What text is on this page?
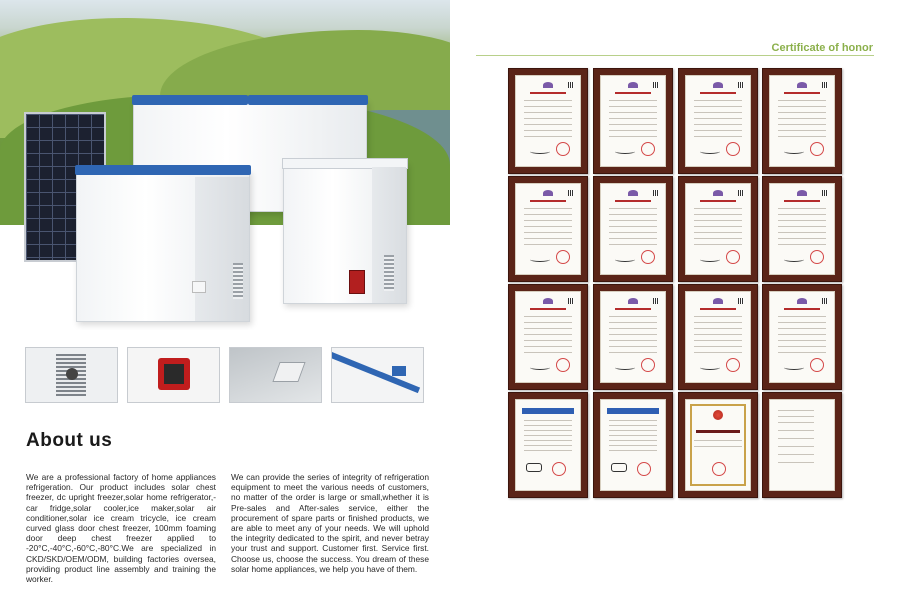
About us
We are a professional factory of home appliances refrigeration. Our product includes solar chest freezer, dc upright freezer,solar home refrigerator,-car fridge,solar cooler,ice maker,solar air conditioner,solar ice cream tricycle, ice cream curved glass door chest freezer, 100mm foaming door deep chest freezer applied to -20°C,-40°C,-60°C,-80°C.We are specialized in CKD/SKD/OEM/ODM, building factories oversea, providing product line assembly and training the worker.
We can provide the series of integrity of refrigeration equipment to meet the various needs of customers, no matter of the order is large or small,whether it is Pre-sales and After-sales service, either the procurement of spare parts or finished products, we are able to meet any of your needs. We will uphold the integrity dedicated to the spirit, and never betray your trust and support. Customer first. Service first. Choose us, choose the success. You dream of these solar home appliances, we help you have of them.
Certificate of honor
